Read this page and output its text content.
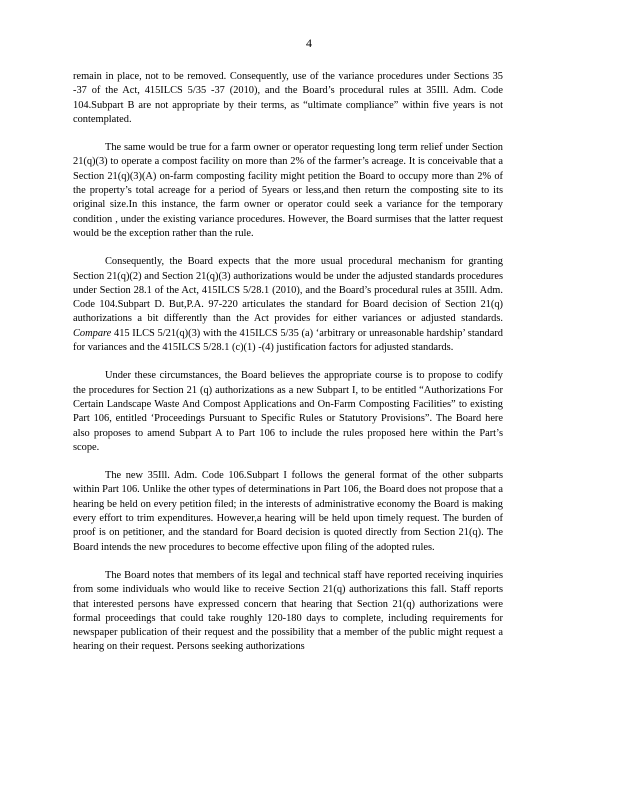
4

remain in place, not to be removed. Consequently, use of the variance procedures under Sections 35 -37 of the Act, 415ILCS 5/35 -37 (2010), and the Board’s procedural rules at 35Ill. Adm. Code 104.Subpart B are not appropriate by their terms, as “ultimate compliance” within five years is not contemplated.

The same would be true for a farm owner or operator requesting long term relief under Section 21(q)(3) to operate a compost facility on more than 2% of the farmer’s acreage. It is conceivable that a Section 21(q)(3)(A) on-farm composting facility might petition the Board to occupy more than 2% of the property’s total acreage for a period of 5years or less,and then return the composting site to its original size.In this instance, the farm owner or operator could seek a variance for the temporary condition , under the existing variance procedures. However, the Board surmises that the latter request would be the exception rather than the rule.

Consequently, the Board expects that the more usual procedural mechanism for granting Section 21(q)(2) and Section 21(q)(3) authorizations would be under the adjusted standards procedures under Section 28.1 of the Act, 415ILCS 5/28.1 (2010), and the Board’s procedural rules at 35Ill. Adm. Code 104.Subpart D. But,P.A. 97-220 articulates the standard for Board decision of Section 21(q) authorizations a bit differently than the Act provides for either variances or adjusted standards. Compare 415 ILCS 5/21(q)(3) with the 415ILCS 5/35 (a) ‘arbitrary or unreasonable hardship’ standard for variances and the 415ILCS 5/28.1 (c)(1) -(4) justification factors for adjusted standards.

Under these circumstances, the Board believes the appropriate course is to propose to codify the procedures for Section 21 (q) authorizations as a new Subpart I, to be entitled “Authorizations For Certain Landscape Waste And Compost Applications and On-Farm Composting Facilities” to existing Part 106, entitled ‘Proceedings Pursuant to Specific Rules or Statutory Provisions”. The Board here also proposes to amend Subpart A to Part 106 to include the rules proposed here within the Part’s scope.

The new 35Ill. Adm. Code 106.Subpart I follows the general format of the other subparts within Part 106. Unlike the other types of determinations in Part 106, the Board does not propose that a hearing be held on every petition filed; in the interests of administrative economy the Board is making every effort to trim expenditures. However,a hearing will be held upon timely request. The burden of proof is on petitioner, and the standard for Board decision is quoted directly from Section 21(q). The Board intends the new procedures to become effective upon filing of the adopted rules.

The Board notes that members of its legal and technical staff have reported receiving inquiries from some individuals who would like to receive Section 21(q) authorizations this fall. Staff reports that interested persons have expressed concern that hearing that Section 21(q) authorizations were formal proceedings that could take roughly 120-180 days to complete, including requirements for newspaper publication of their request and the possibility that a member of the public might request a hearing on their request. Persons seeking authorizations
